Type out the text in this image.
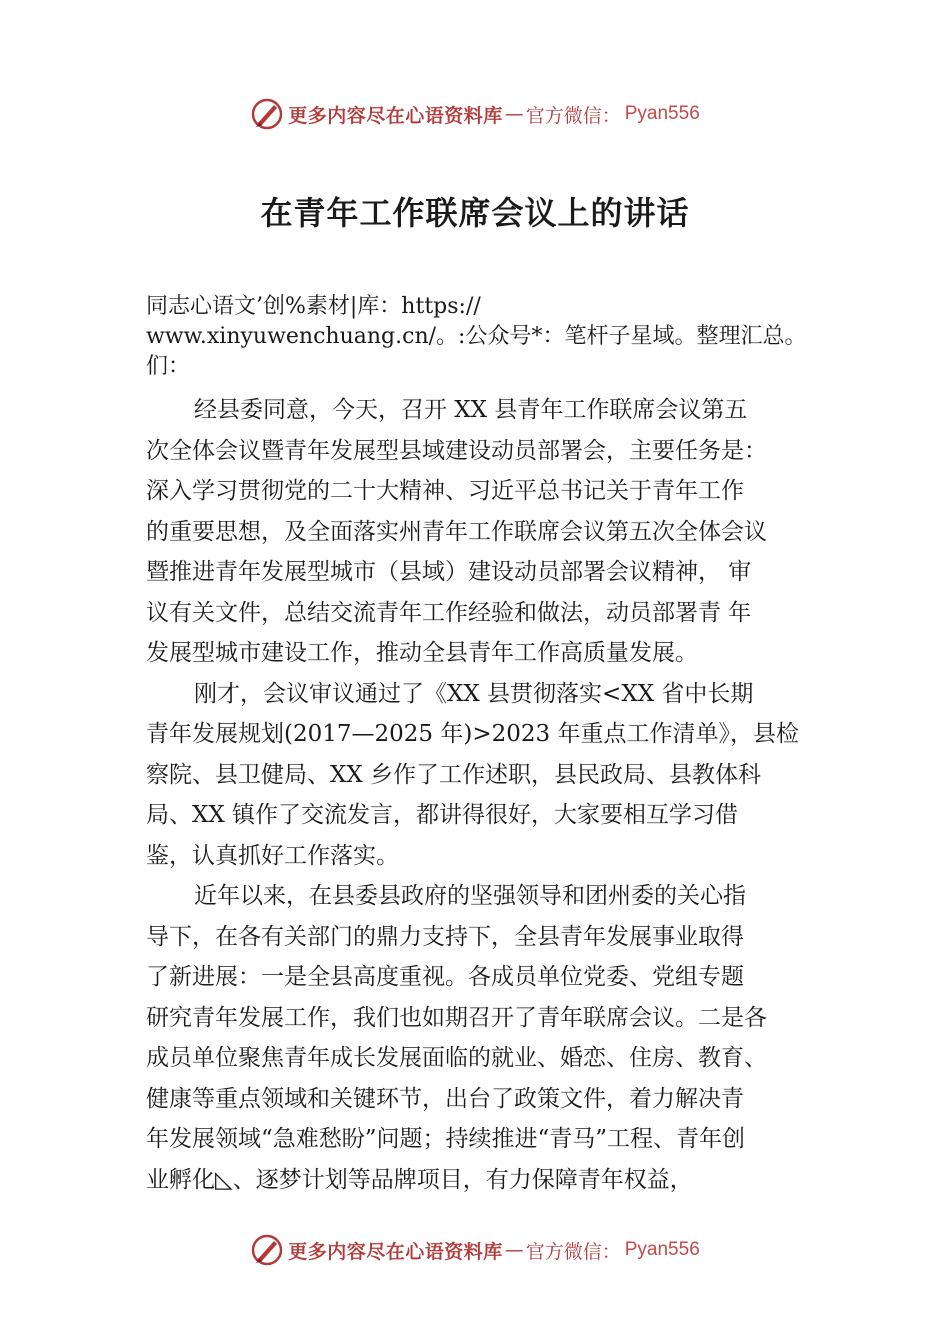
更多内容尽在心语资料库 — 官方微信： Pyan556
在青年工作联席会议上的讲话
同志心语文’创%素材|库：https://
www.xinyuwenchuang.cn/。:公众号*：笔杆子星域。整理汇总。
们：
经县委同意，今天，召开 XX 县青年工作联席会议第五
次全体会议暨青年发展型县域建设动员部署会，主要任务是：
深入学习贯彻党的二十大精神、习近平总书记关于青年工作
的重要思想，及全面落实州青年工作联席会议第五次全体会议
暨推进青年发展型城市（县域）建设动员部署会议精神， 审
议有关文件，总结交流青年工作经验和做法，动员部署青 年
发展型城市建设工作，推动全县青年工作高质量发展。
刚才，会议审议通过了《XX 县贯彻落实<XX 省中长期
青年发展规划(2017—2025 年)>2023 年重点工作清单》，县检
察院、县卫健局、XX 乡作了工作述职，县民政局、县教体科
局、XX 镇作了交流发言，都讲得很好，大家要相互学习借
鉴，认真抓好工作落实。
近年以来，在县委县政府的坚强领导和团州委的关心指
导下，在各有关部门的鼎力支持下，全县青年发展事业取得
了新进展：一是全县高度重视。各成员单位党委、党组专题
研究青年发展工作，我们也如期召开了青年联席会议。二是各
成员单位聚焦青年成长发展面临的就业、婚恋、住房、教育、
健康等重点领域和关键环节，出台了政策文件，着力解决青
年发展领域“急难愁盼”问题；持续推进“青马”工程、青年创
业孵化◺、逐梦计划等品牌项目，有力保障青年权益，
更多内容尽在心语资料库 — 官方微信： Pyan556
